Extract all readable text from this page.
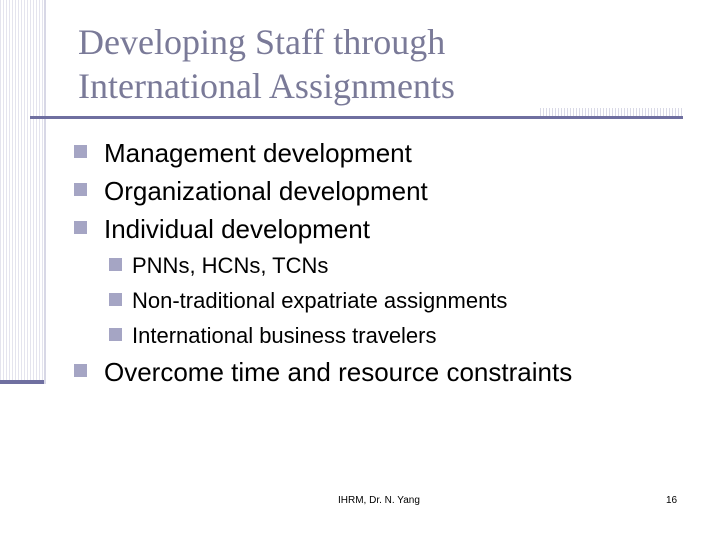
Developing Staff through
International Assignments
Management development
Organizational development
Individual development
PNNs, HCNs, TCNs
Non-traditional expatriate assignments
International business travelers
Overcome time and resource constraints
IHRM, Dr. N. Yang	16
